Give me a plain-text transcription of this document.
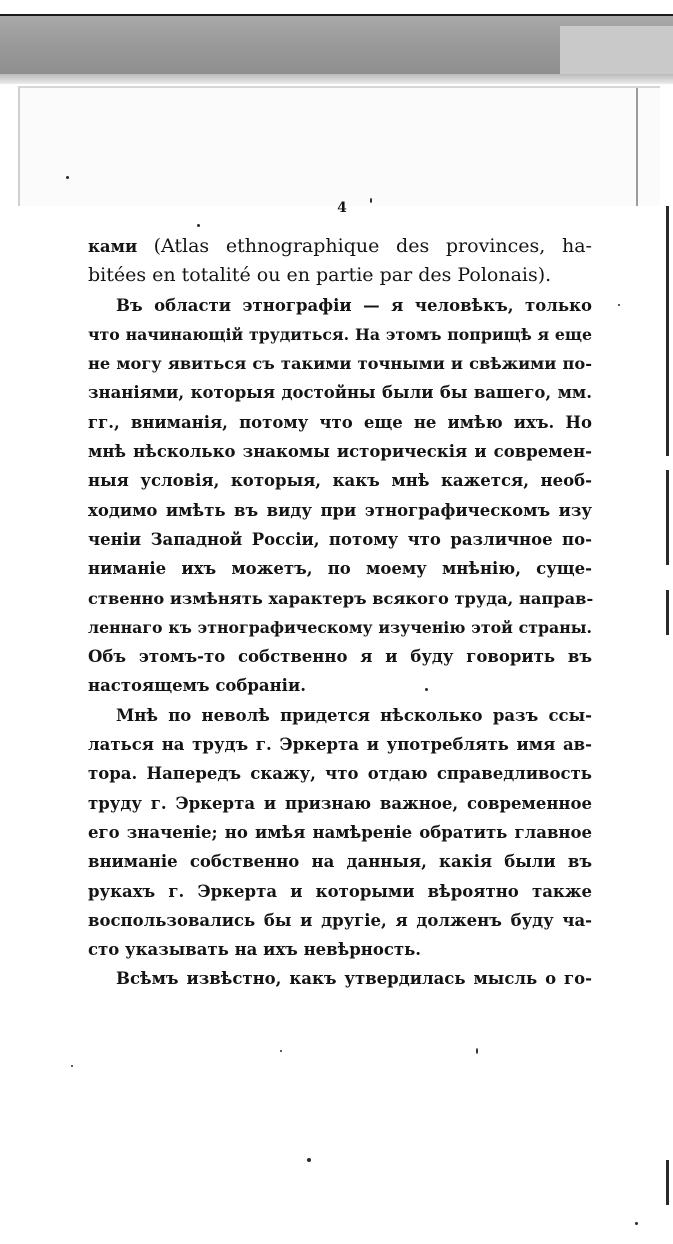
4
ками (Atlas ethnographique des provinces, ha-
bitées en totalité ou en partie par des Polonais).
Въ области этнографіи — я человѣкъ, только
что начинающій трудиться. На этомъ поприщѣ я еще
не могу явиться съ такими точными и свѣжими по-
знаніями, которыя достойны были бы вашего, мм.
гг., вниманія, потому что еще не имѣю ихъ. Но
мнѣ нѣсколько знакомы историческія и современ-
ныя условія, которыя, какъ мнѣ кажется, необ-
ходимо имѣть въ виду при этнографическомъ изу
ченіи Западной Россіи, потому что различное по-
ниманіе ихъ можетъ, по моему мнѣнію, суще-
ственно измѣнять характеръ всякого труда, направ-
леннаго къ этнографическому изученію этой страны.
Объ этомъ-то собственно я и буду говорить въ
настоящемъ собраніи.
Мнѣ по неволѣ придется нѣсколько разъ ссы-
латься на трудъ г. Эркерта и употреблять имя ав-
тора. Напередъ скажу, что отдаю справедливость
труду г. Эркерта и признаю важное, современное
его значеніе; но имѣя намѣреніе обратить главное
вниманіе собственно на данныя, какія были въ
рукахъ г. Эркерта и которыми вѣроятно также
воспользовались бы и другіе, я долженъ буду ча-
сто указывать на ихъ невѣрность.
Всѣмъ извѣстно, какъ утвердилась мысль о го-
